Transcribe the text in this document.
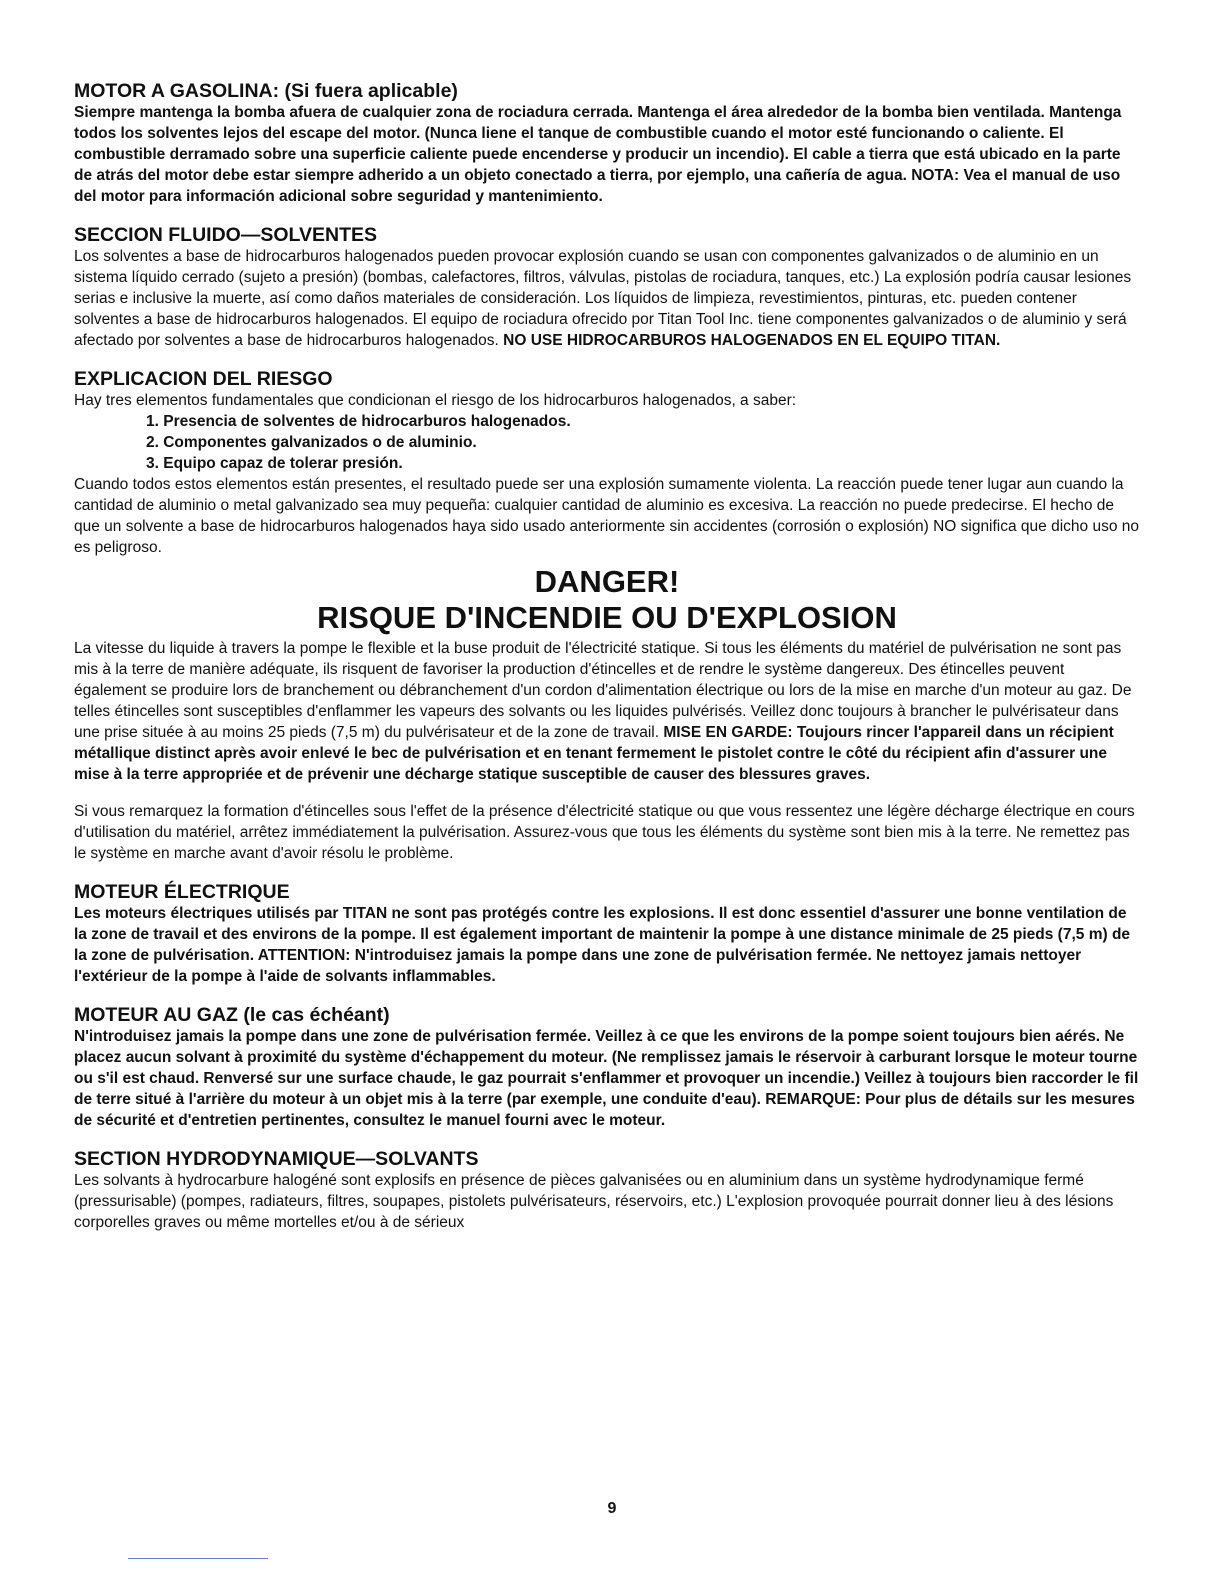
MOTOR A GASOLINA: (Si fuera aplicable)

Siempre mantenga la bomba afuera de cualquier zona de rociadura cerrada. Mantenga el área alrededor de la bomba bien ventilada. Mantenga todos los solventes lejos del escape del motor. (Nunca liene el tanque de combustible cuando el motor esté funcionando o caliente. El combustible derramado sobre una superficie caliente puede encenderse y producir un incendio). El cable a tierra que está ubicado en la parte de atrás del motor debe estar siempre adherido a un objeto conectado a tierra, por ejemplo, una cañería de agua. NOTA: Vea el manual de uso del motor para información adicional sobre seguridad y mantenimiento.

SECCION FLUIDO—SOLVENTES

Los solventes a base de hidrocarburos halogenados pueden provocar explosión cuando se usan con componentes galvanizados o de aluminio en un sistema líquido cerrado (sujeto a presión) (bombas, calefactores, filtros, válvulas, pistolas de rociadura, tanques, etc.) La explosión podría causar lesiones serias e inclusive la muerte, así como daños materiales de consideración. Los líquidos de limpieza, revestimientos, pinturas, etc. pueden contener solventes a base de hidrocarburos halogenados. El equipo de rociadura ofrecido por Titan Tool Inc. tiene componentes galvanizados o de aluminio y será afectado por solventes a base de hidrocarburos halogenados. NO USE HIDROCARBUROS HALOGENADOS EN EL EQUIPO TITAN.

EXPLICACION DEL RIESGO

Hay tres elementos fundamentales que condicionan el riesgo de los hidrocarburos halogenados, a saber:

1. Presencia de solventes de hidrocarburos halogenados.
2. Componentes galvanizados o de aluminio.
3. Equipo capaz de tolerar presión.

Cuando todos estos elementos están presentes, el resultado puede ser una explosión sumamente violenta. La reacción puede tener lugar aun cuando la cantidad de aluminio o metal galvanizado sea muy pequeña: cualquier cantidad de aluminio es excesiva. La reacción no puede predecirse. El hecho de que un solvente a base de hidrocarburos halogenados haya sido usado anteriormente sin accidentes (corrosión o explosión) NO significa que dicho uso no es peligroso.

DANGER!
RISQUE D'INCENDIE OU D'EXPLOSION

La vitesse du liquide à travers la pompe le flexible et la buse produit de l'électricité statique. Si tous les éléments du matériel de pulvérisation ne sont pas mis à la terre de manière adéquate, ils risquent de favoriser la production d'étincelles et de rendre le système dangereux. Des étincelles peuvent également se produire lors de branchement ou débranchement d'un cordon d'alimentation électrique ou lors de la mise en marche d'un moteur au gaz. De telles étincelles sont susceptibles d'enflammer les vapeurs des solvants ou les liquides pulvérisés. Veillez donc toujours à brancher le pulvérisateur dans une prise située à au moins 25 pieds (7,5 m) du pulvérisateur et de la zone de travail. MISE EN GARDE: Toujours rincer l'appareil dans un récipient métallique distinct après avoir enlevé le bec de pulvérisation et en tenant fermement le pistolet contre le côté du récipient afin d'assurer une mise à la terre appropriée et de prévenir une décharge statique susceptible de causer des blessures graves.

Si vous remarquez la formation d'étincelles sous l'effet de la présence d'électricité statique ou que vous ressentez une légère décharge électrique en cours d'utilisation du matériel, arrêtez immédiatement la pulvérisation. Assurez-vous que tous les éléments du système sont bien mis à la terre. Ne remettez pas le système en marche avant d'avoir résolu le problème.

MOTEUR ÉLECTRIQUE

Les moteurs électriques utilisés par TITAN ne sont pas protégés contre les explosions. Il est donc essentiel d'assurer une bonne ventilation de la zone de travail et des environs de la pompe. Il est également important de maintenir la pompe à une distance minimale de 25 pieds (7,5 m) de la zone de pulvérisation. ATTENTION: N'introduisez jamais la pompe dans une zone de pulvérisation fermée. Ne nettoyez jamais nettoyer l'extérieur de la pompe à l'aide de solvants inflammables.

MOTEUR AU GAZ (le cas échéant)

N'introduisez jamais la pompe dans une zone de pulvérisation fermée. Veillez à ce que les environs de la pompe soient toujours bien aérés. Ne placez aucun solvant à proximité du système d'échappement du moteur. (Ne remplissez jamais le réservoir à carburant lorsque le moteur tourne ou s'il est chaud. Renversé sur une surface chaude, le gaz pourrait s'enflammer et provoquer un incendie.) Veillez à toujours bien raccorder le fil de terre situé à l'arrière du moteur à un objet mis à la terre (par exemple, une conduite d'eau). REMARQUE: Pour plus de détails sur les mesures de sécurité et d'entretien pertinentes, consultez le manuel fourni avec le moteur.

SECTION HYDRODYNAMIQUE—SOLVANTS

Les solvants à hydrocarbure halogéné sont explosifs en présence de pièces galvanisées ou en aluminium dans un système hydrodynamique fermé (pressurisable) (pompes, radiateurs, filtres, soupapes, pistolets pulvérisateurs, réservoirs, etc.) L'explosion provoquée pourrait donner lieu à des lésions corporelles graves ou même mortelles et/ou à de sérieux

9
